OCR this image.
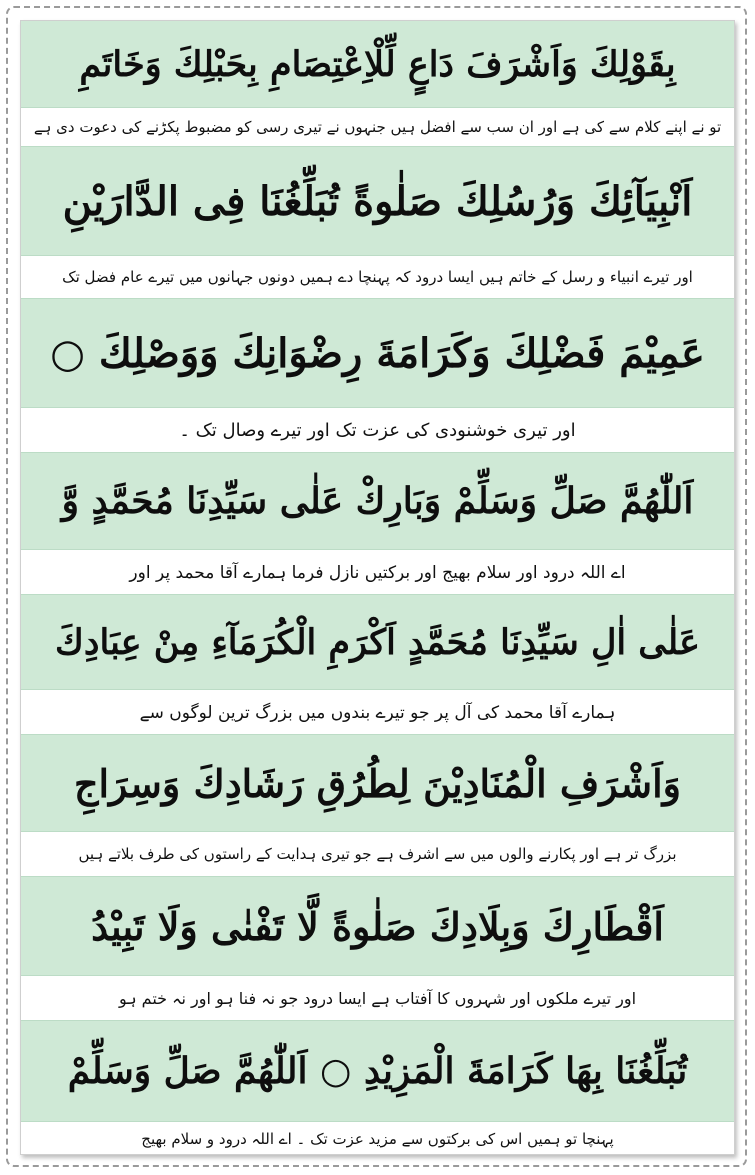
بِقَوْلِكَ وَاَشْرَفَ دَاعٍ لِّلْاِعْتِصَامِ بِحَبْلِكَ وَخَاتَمِ
تو نے اپنے کلام سے کی ہے اور ان سب سے افضل ہیں جنہوں نے تیری رسی کو مضبوط پکڑنے کی دعوت دی ہے
اَنْبِيَآئِكَ وَرُسُلِكَ صَلٰوةً تُبَلِّغُنَا فِى الدَّارَيْنِ
اور تیرے انبیاء و رسل کے خاتم ہیں ایسا درود کہ پہنچا دے ہمیں دونوں جہانوں میں تیرے عام فضل تک
عَمِيْمَ فَضْلِكَ وَكَرَامَةَ رِضْوَانِكَ وَوَصْلِكَ ○
اور تیری خوشنودی کی عزت تک اور تیرے وصال تک ۔
اَللّٰهُمَّ صَلِّ وَسَلِّمْ وَبَارِكْ عَلٰى سَيِّدِنَا مُحَمَّدٍ وَّ
اے اللہ درود اور سلام بھیج اور برکتیں نازل فرما ہمارے آقا محمد پر اور
عَلٰى اٰلِ سَيِّدِنَا مُحَمَّدٍ اَكْرَمِ الْكُرَمَآءِ مِنْ عِبَادِكَ
ہمارے آقا محمد کی آل پر جو تیرے بندوں میں بزرگ ترین لوگوں سے
وَاَشْرَفِ الْمُنَادِيْنَ لِطُرُقِ رَشَادِكَ وَسِرَاجِ
بزرگ تر ہے اور پکارنے والوں میں سے اشرف ہے جو تیری ہدایت کے راستوں کی طرف بلاتے ہیں
اَقْطَارِكَ وَبِلَادِكَ صَلٰوةً لَّا تَفْنٰى وَلَا تَبِيْدُ
اور تیرے ملکوں اور شہروں کا آفتاب ہے ایسا درود جو نہ فنا ہو اور نہ ختم ہو
تُبَلِّغُنَا بِهَا كَرَامَةَ الْمَزِيْدِ ○ اَللّٰهُمَّ صَلِّ وَسَلِّمْ
پہنچا تو ہمیں اس کی برکتوں سے مزید عزت تک ۔ اے اللہ درود و سلام بھیج
